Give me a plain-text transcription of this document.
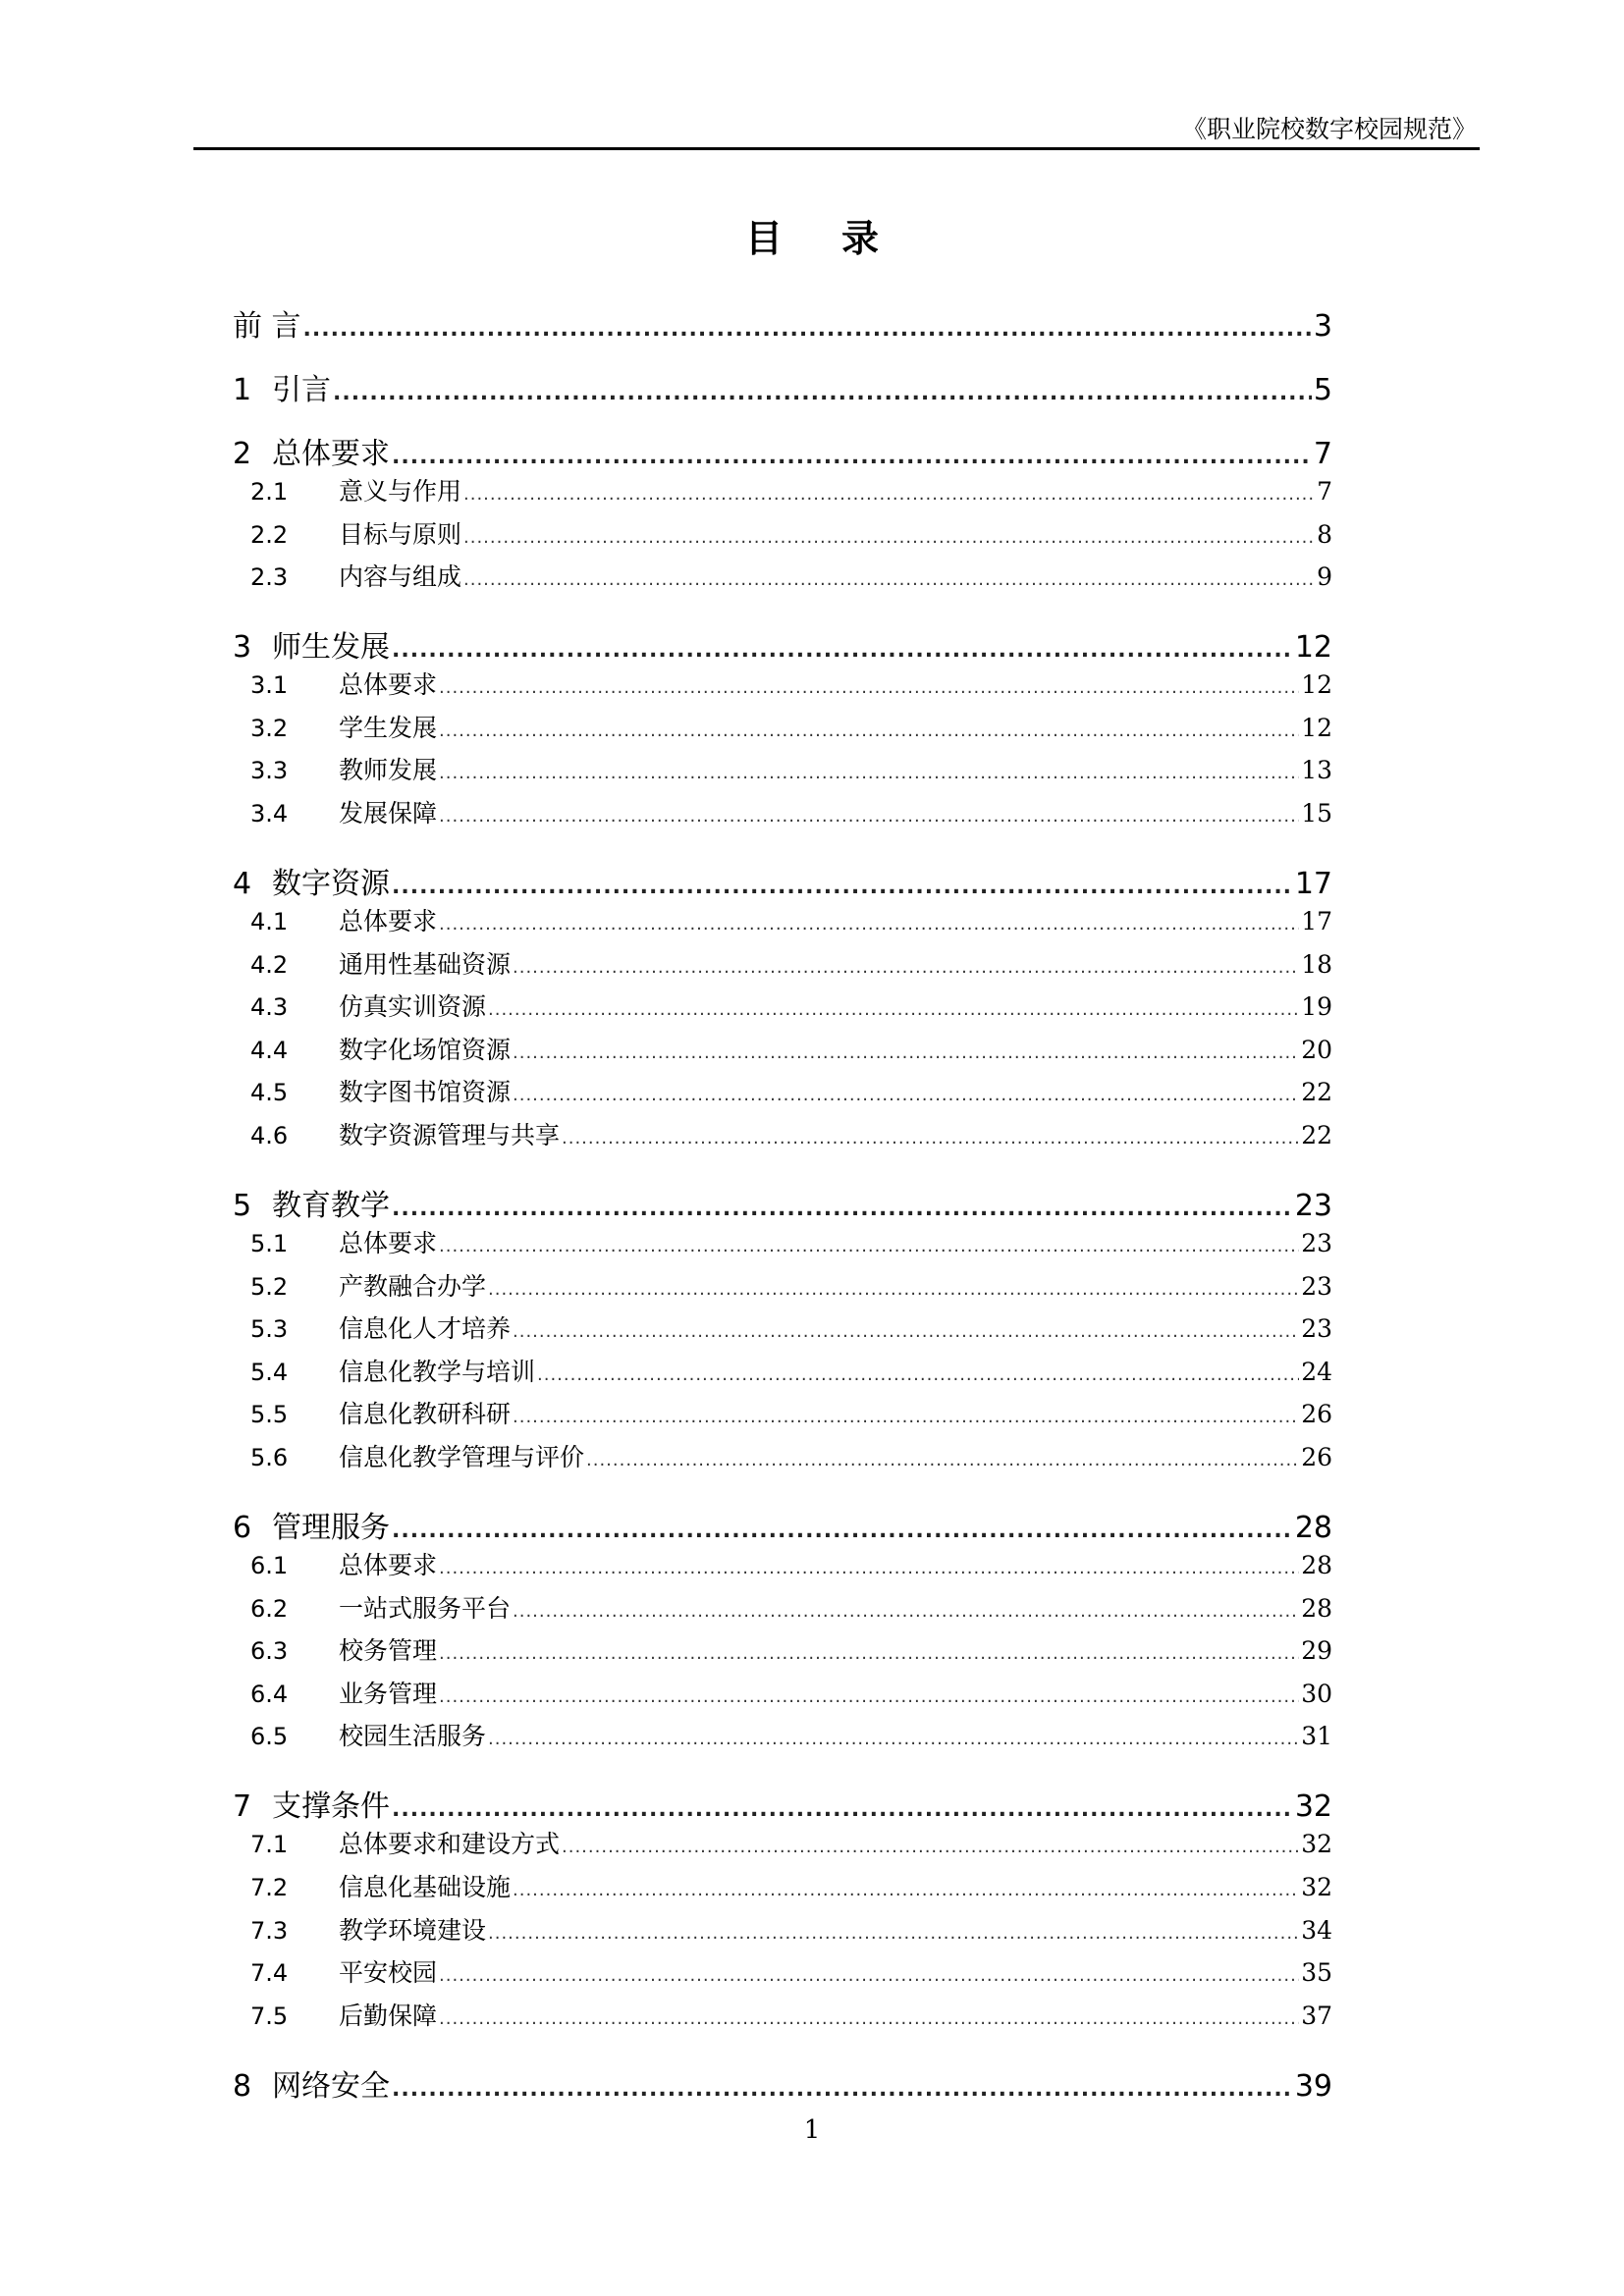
《职业院校数字校园规范》
目 录
前 言 .....	3
1 引言 .....	5
2 总体要求 .....	7
2.1	意义与作用 .....	7
2.2	目标与原则 .....	8
2.3	内容与组成 .....	9
3 师生发展 .....	12
3.1	总体要求 .....	12
3.2	学生发展 .....	12
3.3	教师发展 .....	13
3.4	发展保障 .....	15
4 数字资源 .....	17
4.1	总体要求 .....	17
4.2	通用性基础资源 .....	18
4.3	仿真实训资源 .....	19
4.4	数字化场馆资源 .....	20
4.5	数字图书馆资源 .....	22
4.6	数字资源管理与共享 .....	22
5 教育教学 .....	23
5.1	总体要求 .....	23
5.2	产教融合办学 .....	23
5.3	信息化人才培养 .....	23
5.4	信息化教学与培训 .....	24
5.5	信息化教研科研 .....	26
5.6	信息化教学管理与评价 .....	26
6 管理服务 .....	28
6.1	总体要求 .....	28
6.2	一站式服务平台 .....	28
6.3	校务管理 .....	29
6.4	业务管理 .....	30
6.5	校园生活服务 .....	31
7 支撑条件 .....	32
7.1	总体要求和建设方式 .....	32
7.2	信息化基础设施 .....	32
7.3	教学环境建设 .....	34
7.4	平安校园 .....	35
7.5	后勤保障 .....	37
8 网络安全 .....	39
1
